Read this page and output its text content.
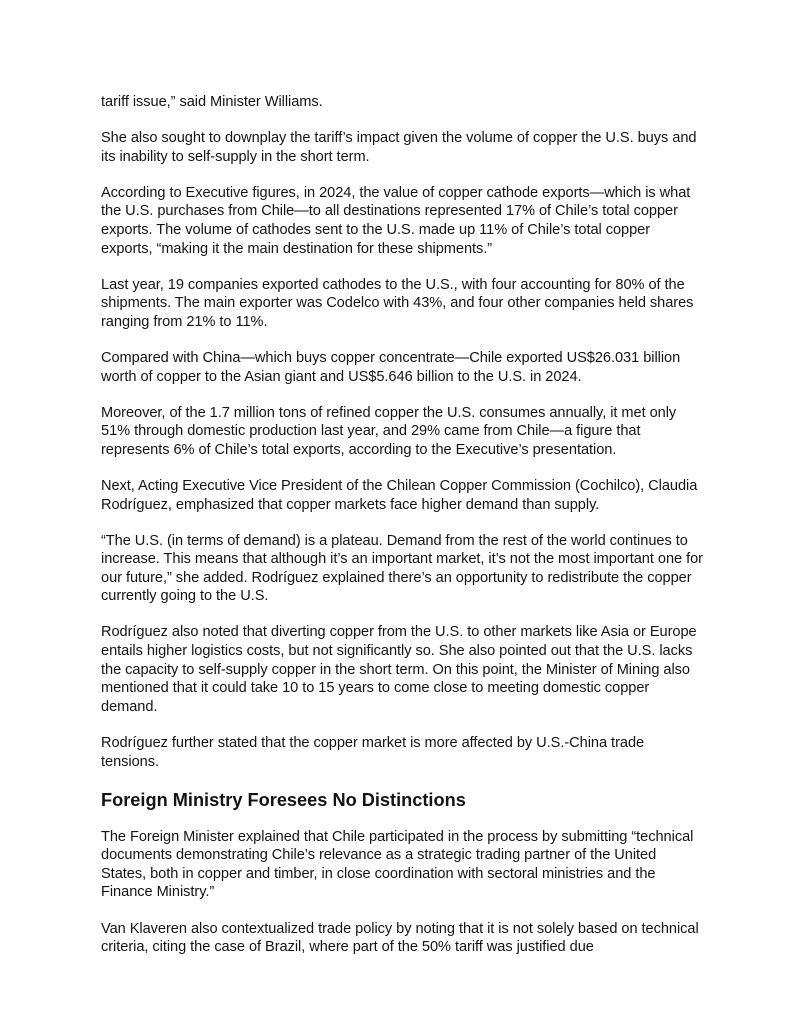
tariff issue,” said Minister Williams.

She also sought to downplay the tariff’s impact given the volume of copper the U.S. buys and its inability to self-supply in the short term.

According to Executive figures, in 2024, the value of copper cathode exports—which is what the U.S. purchases from Chile—to all destinations represented 17% of Chile’s total copper exports. The volume of cathodes sent to the U.S. made up 11% of Chile’s total copper exports, “making it the main destination for these shipments.”

Last year, 19 companies exported cathodes to the U.S., with four accounting for 80% of the shipments. The main exporter was Codelco with 43%, and four other companies held shares ranging from 21% to 11%.

Compared with China—which buys copper concentrate—Chile exported US$26.031 billion worth of copper to the Asian giant and US$5.646 billion to the U.S. in 2024.

Moreover, of the 1.7 million tons of refined copper the U.S. consumes annually, it met only 51% through domestic production last year, and 29% came from Chile—a figure that represents 6% of Chile’s total exports, according to the Executive’s presentation.

Next, Acting Executive Vice President of the Chilean Copper Commission (Cochilco), Claudia Rodríguez, emphasized that copper markets face higher demand than supply.

“The U.S. (in terms of demand) is a plateau. Demand from the rest of the world continues to increase. This means that although it’s an important market, it’s not the most important one for our future,” she added. Rodríguez explained there’s an opportunity to redistribute the copper currently going to the U.S.

Rodríguez also noted that diverting copper from the U.S. to other markets like Asia or Europe entails higher logistics costs, but not significantly so. She also pointed out that the U.S. lacks the capacity to self-supply copper in the short term. On this point, the Minister of Mining also mentioned that it could take 10 to 15 years to come close to meeting domestic copper demand.

Rodríguez further stated that the copper market is more affected by U.S.-China trade tensions.

Foreign Ministry Foresees No Distinctions

The Foreign Minister explained that Chile participated in the process by submitting “technical documents demonstrating Chile’s relevance as a strategic trading partner of the United States, both in copper and timber, in close coordination with sectoral ministries and the Finance Ministry.”

Van Klaveren also contextualized trade policy by noting that it is not solely based on technical criteria, citing the case of Brazil, where part of the 50% tariff was justified due
